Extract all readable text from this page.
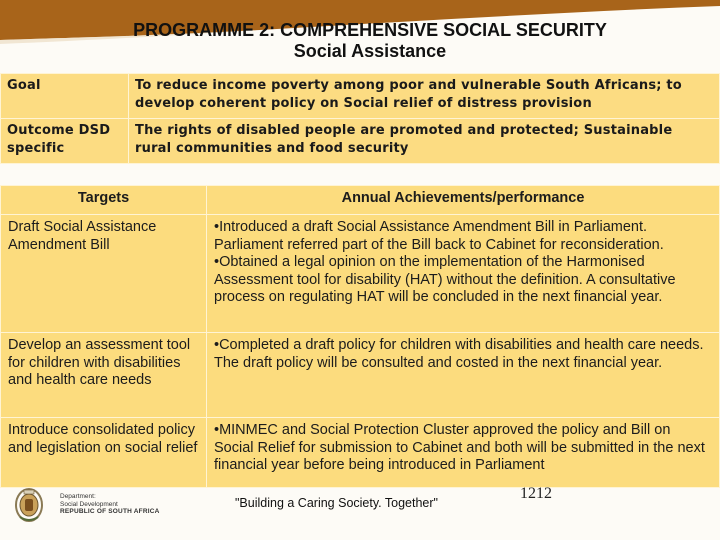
PROGRAMME 2: COMPREHENSIVE SOCIAL SECURITY
Social Assistance
Goal	To reduce income poverty among poor and vulnerable South Africans; to develop coherent policy on Social relief of distress provision
Outcome DSD specific	The rights of disabled people are promoted and protected; Sustainable rural communities and food security
Targets	Annual Achievements/performance
Draft Social Assistance Amendment Bill	•Introduced a draft Social Assistance Amendment Bill in Parliament. Parliament referred part of the Bill back to Cabinet for reconsideration.
•Obtained a legal opinion on the implementation of the Harmonised Assessment tool for disability (HAT) without the definition. A consultative process on regulating HAT will be concluded in the next financial year.

Develop an assessment tool for children with disabilities and health care needs	•Completed a draft policy for children with disabilities and health care needs. The draft policy will be consulted and costed in the next financial year.

Introduce consolidated policy and legislation on social relief	•MINMEC and Social Protection Cluster approved the policy and Bill on Social Relief for submission to Cabinet and both will be submitted in the next financial year before being introduced in Parliament
Department:
Social Development
REPUBLIC OF SOUTH AFRICA
"Building a Caring Society. Together"
1212
